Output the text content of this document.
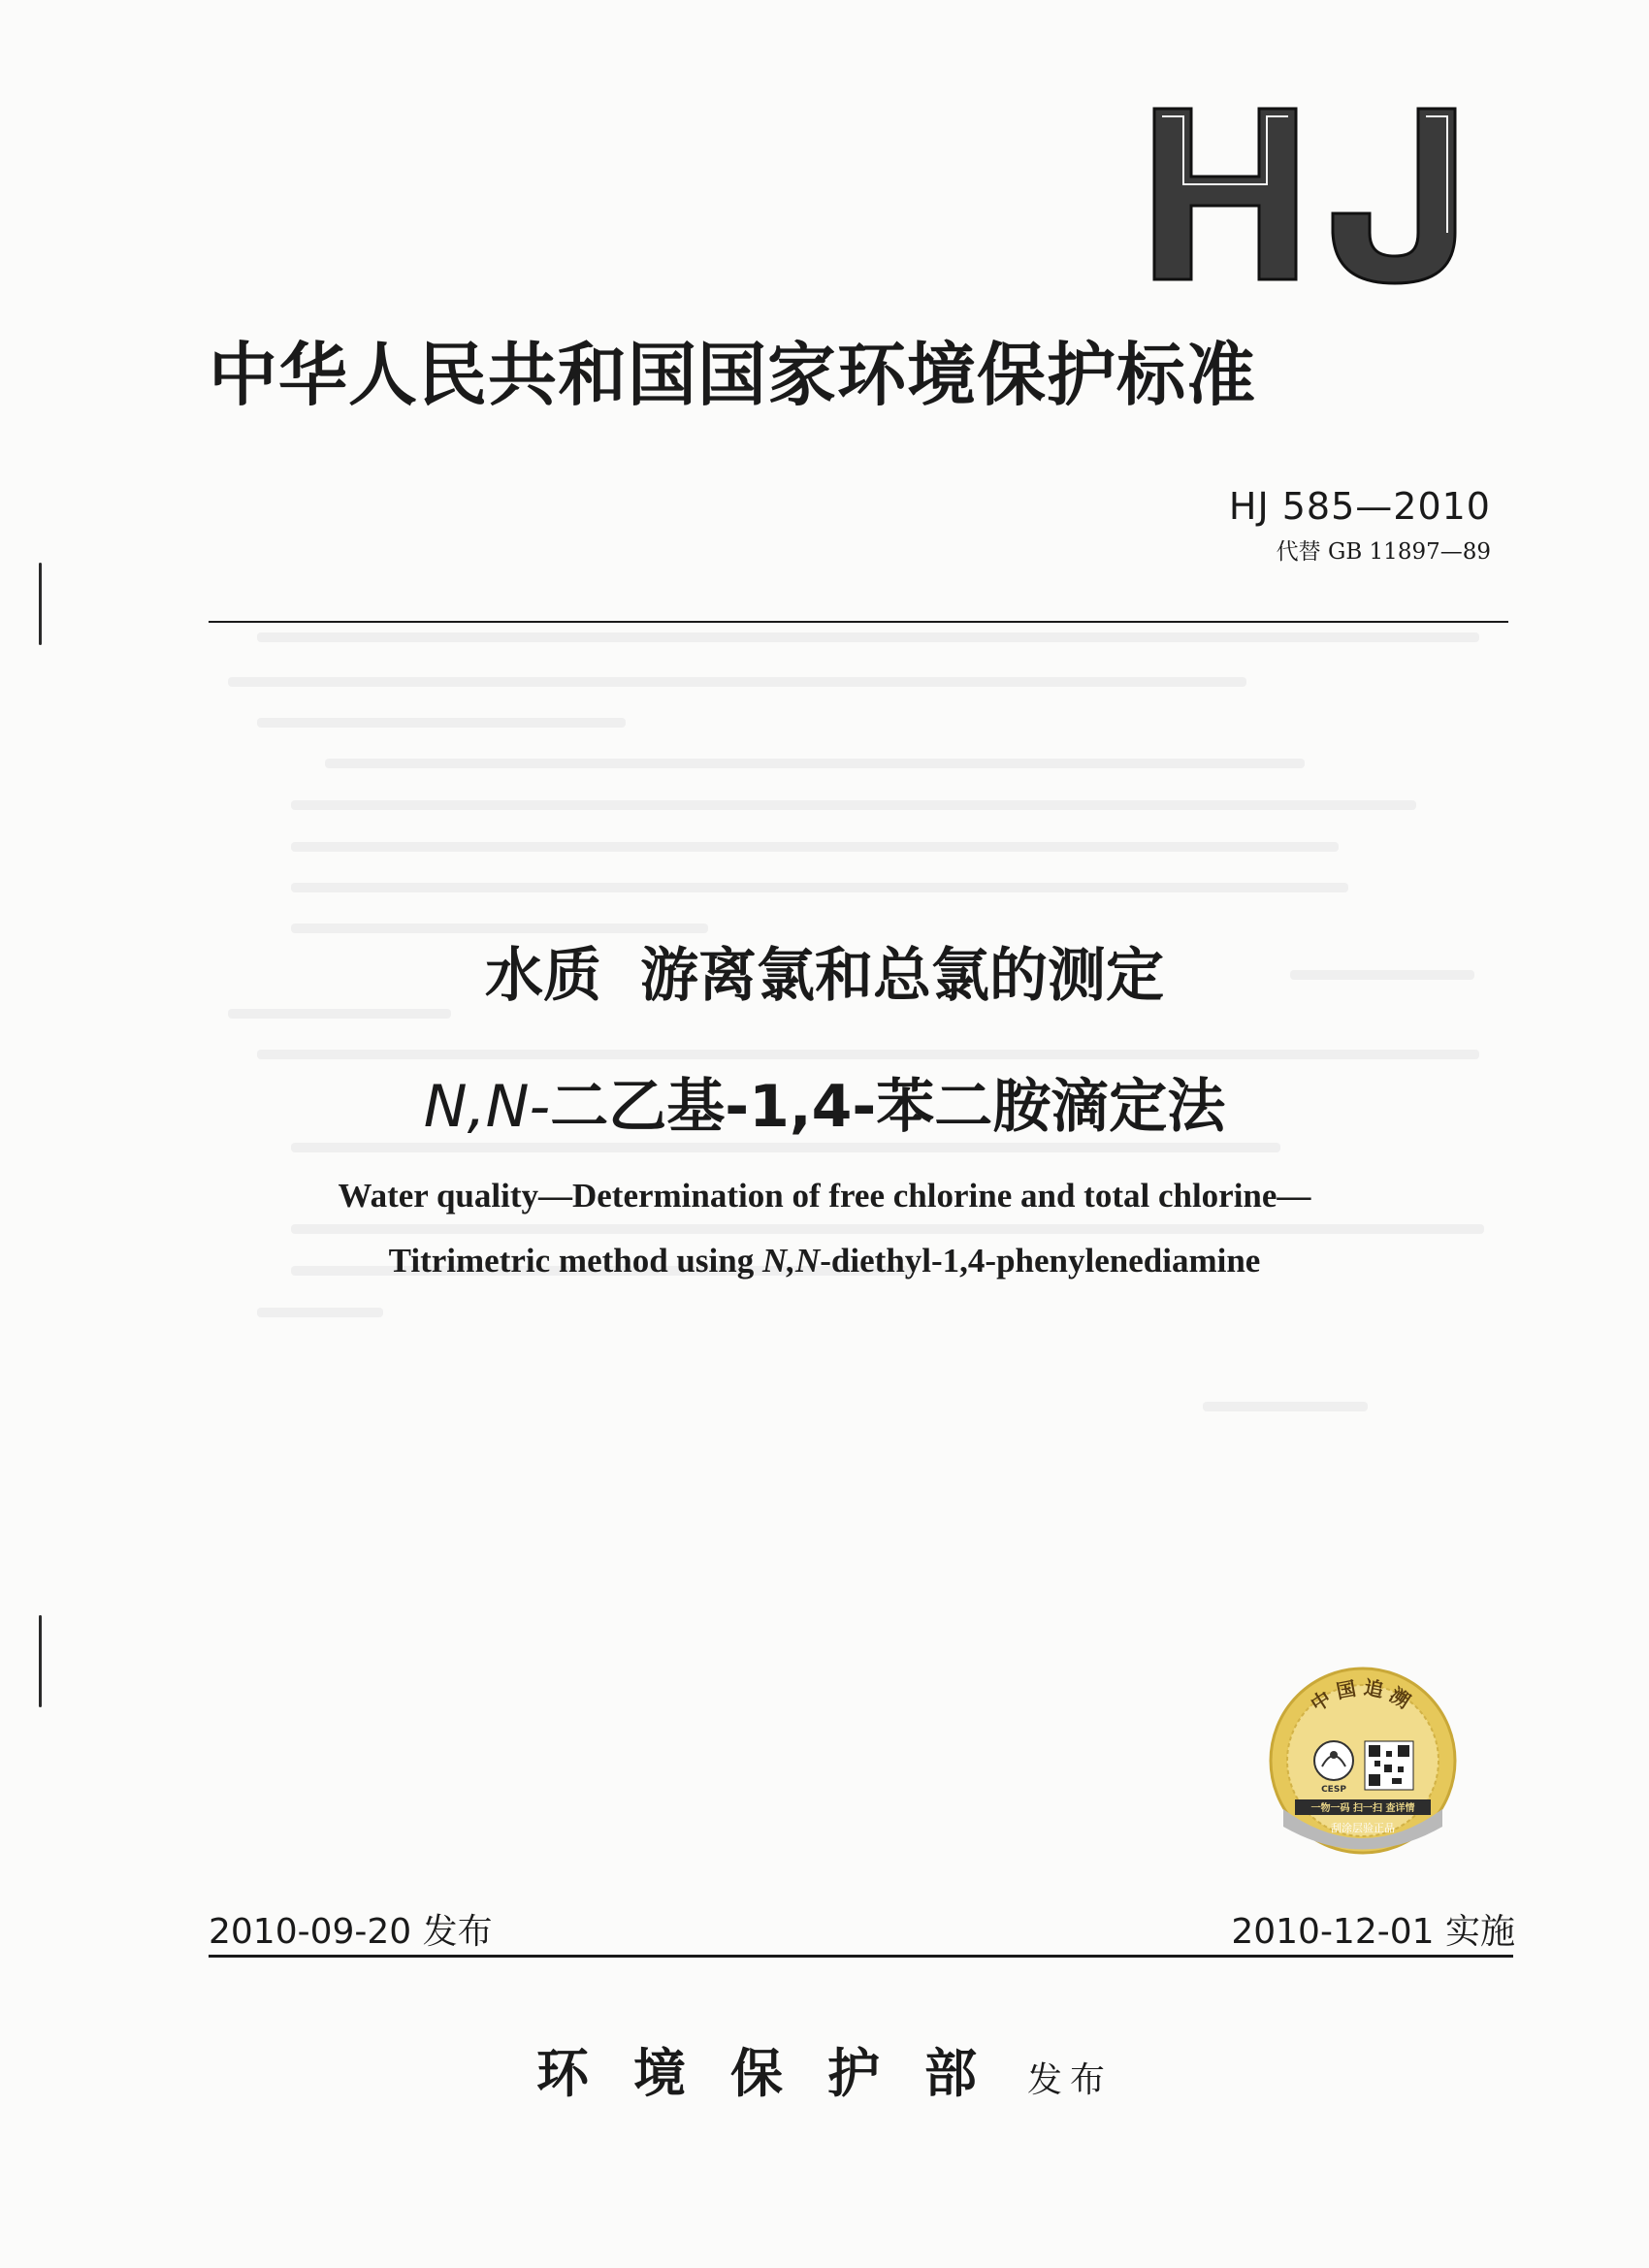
中华人民共和国国家环境保护标准
HJ 585—2010
代替 GB 11897—89
水质 游离氯和总氯的测定
N,N-二乙基-1,4-苯二胺滴定法
Water quality—Determination of free chlorine and total chlorine—
Titrimetric method using N,N-diethyl-1,4-phenylenediamine
中国追溯
CESP
一物一码 扫一扫 查详情
刮涂层验正品
2010-09-20 发布	2010-12-01 实施
环境保护部 发布
